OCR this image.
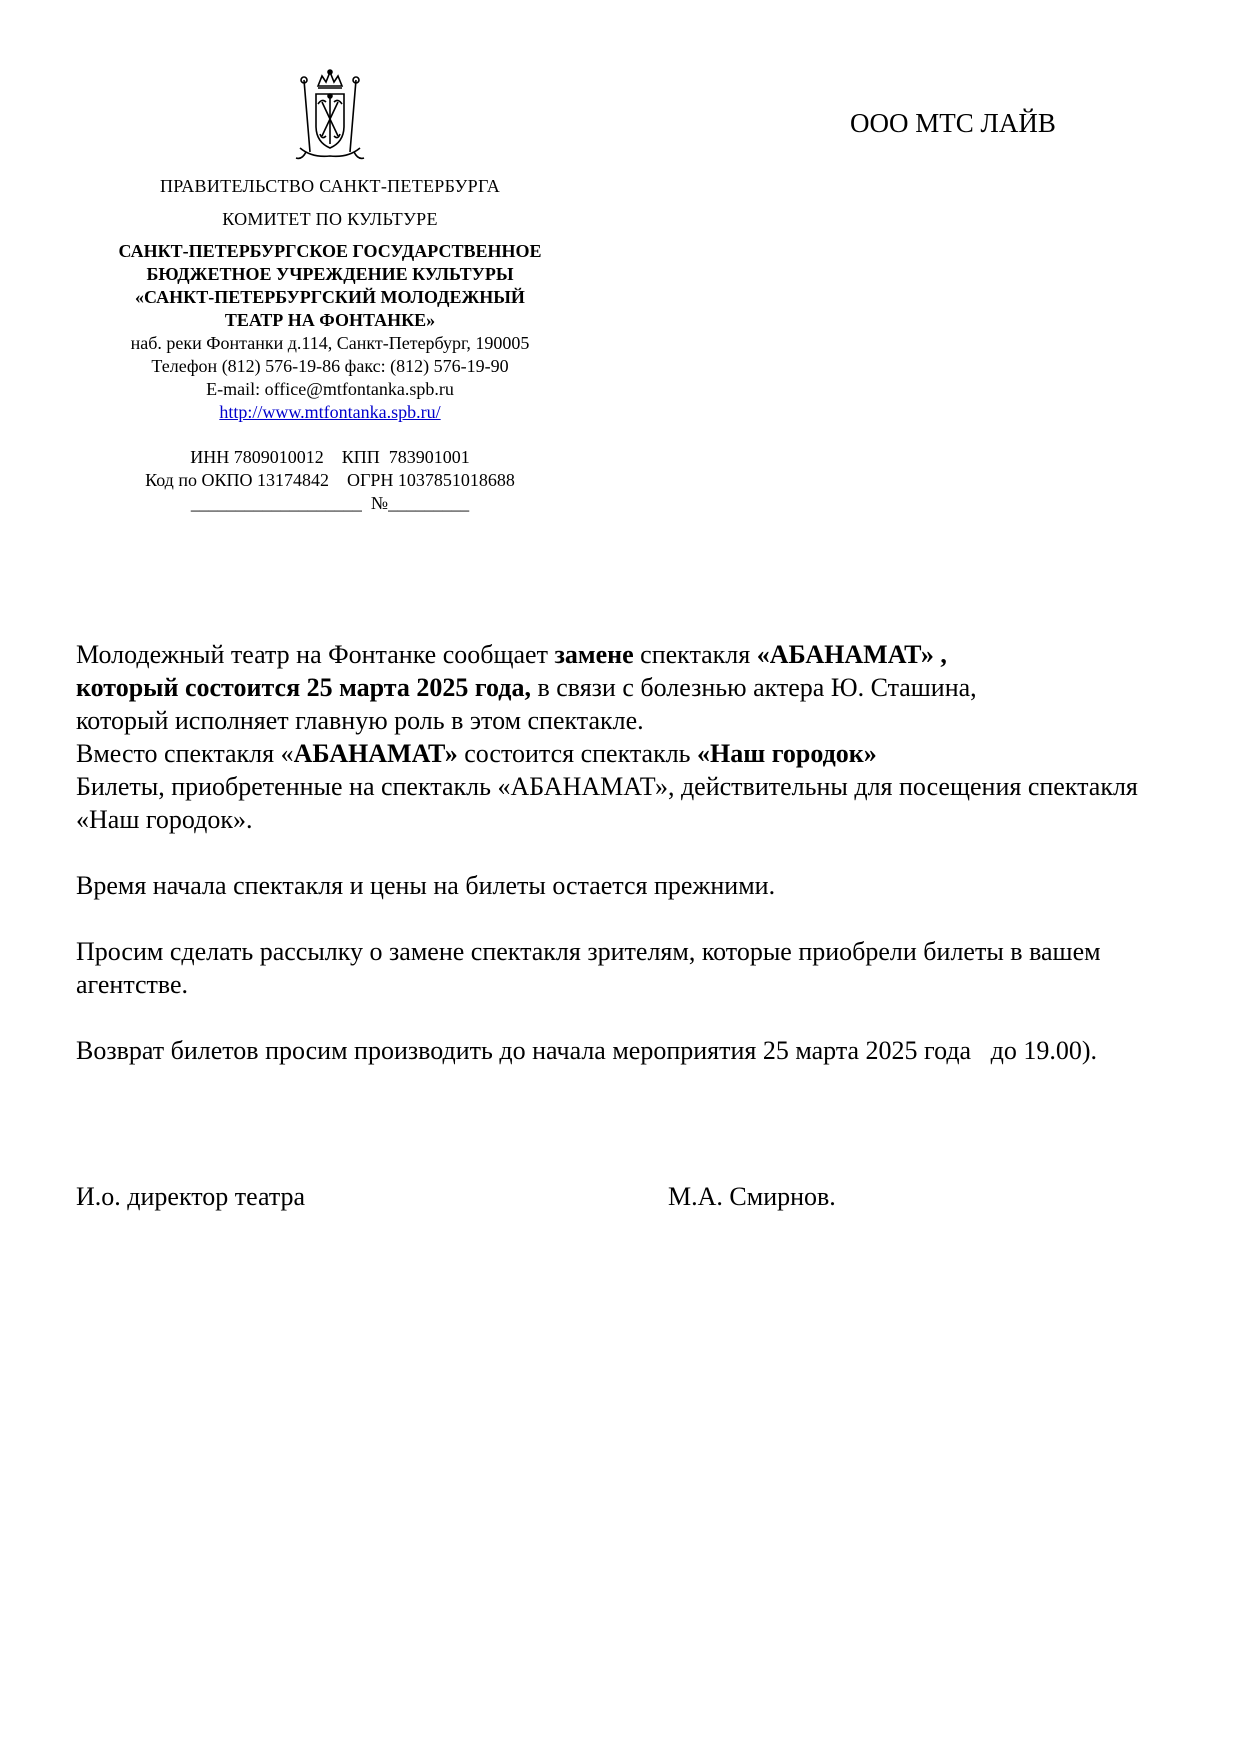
ПРАВИТЕЛЬСТВО САНКТ-ПЕТЕРБУРГА
КОМИТЕТ ПО КУЛЬТУРЕ
САНКТ-ПЕТЕРБУРГСКОЕ ГОСУДАРСТВЕННОЕ
БЮДЖЕТНОЕ УЧРЕЖДЕНИЕ КУЛЬТУРЫ
«САНКТ-ПЕТЕРБУРГСКИЙ МОЛОДЕЖНЫЙ
ТЕАТР НА ФОНТАНКЕ»
наб. реки Фонтанки д.114, Санкт-Петербург, 190005
Телефон (812) 576-19-86 факс: (812) 576-19-90
E-mail: office@mtfontanka.spb.ru
http://www.mtfontanka.spb.ru/
ИНН 7809010012    КПП  783901001
Код по ОКПО 13174842    ОГРН 1037851018688
___________________  №_________
ООО МТС ЛАЙВ

Молодежный театр на Фонтанке сообщает замене спектакля «АБАНАМАТ» ,
который состоится 25 марта 2025 года, в связи с болезнью актера Ю. Сташина,
который исполняет главную роль в этом спектакле.

Вместо спектакля «АБАНАМАТ» состоится спектакль «Наш городок»

Билеты, приобретенные на спектакль «АБАНАМАТ», действительны для посещения спектакля «Наш городок».

Время начала спектакля и цены на билеты остается прежними.

Просим сделать рассылку о замене спектакля зрителям, которые приобрели билеты в вашем агентстве.

Возврат билетов просим производить до начала мероприятия 25 марта 2025 года   до 19.00).

И.о. директор театра	М.А. Смирнов.
